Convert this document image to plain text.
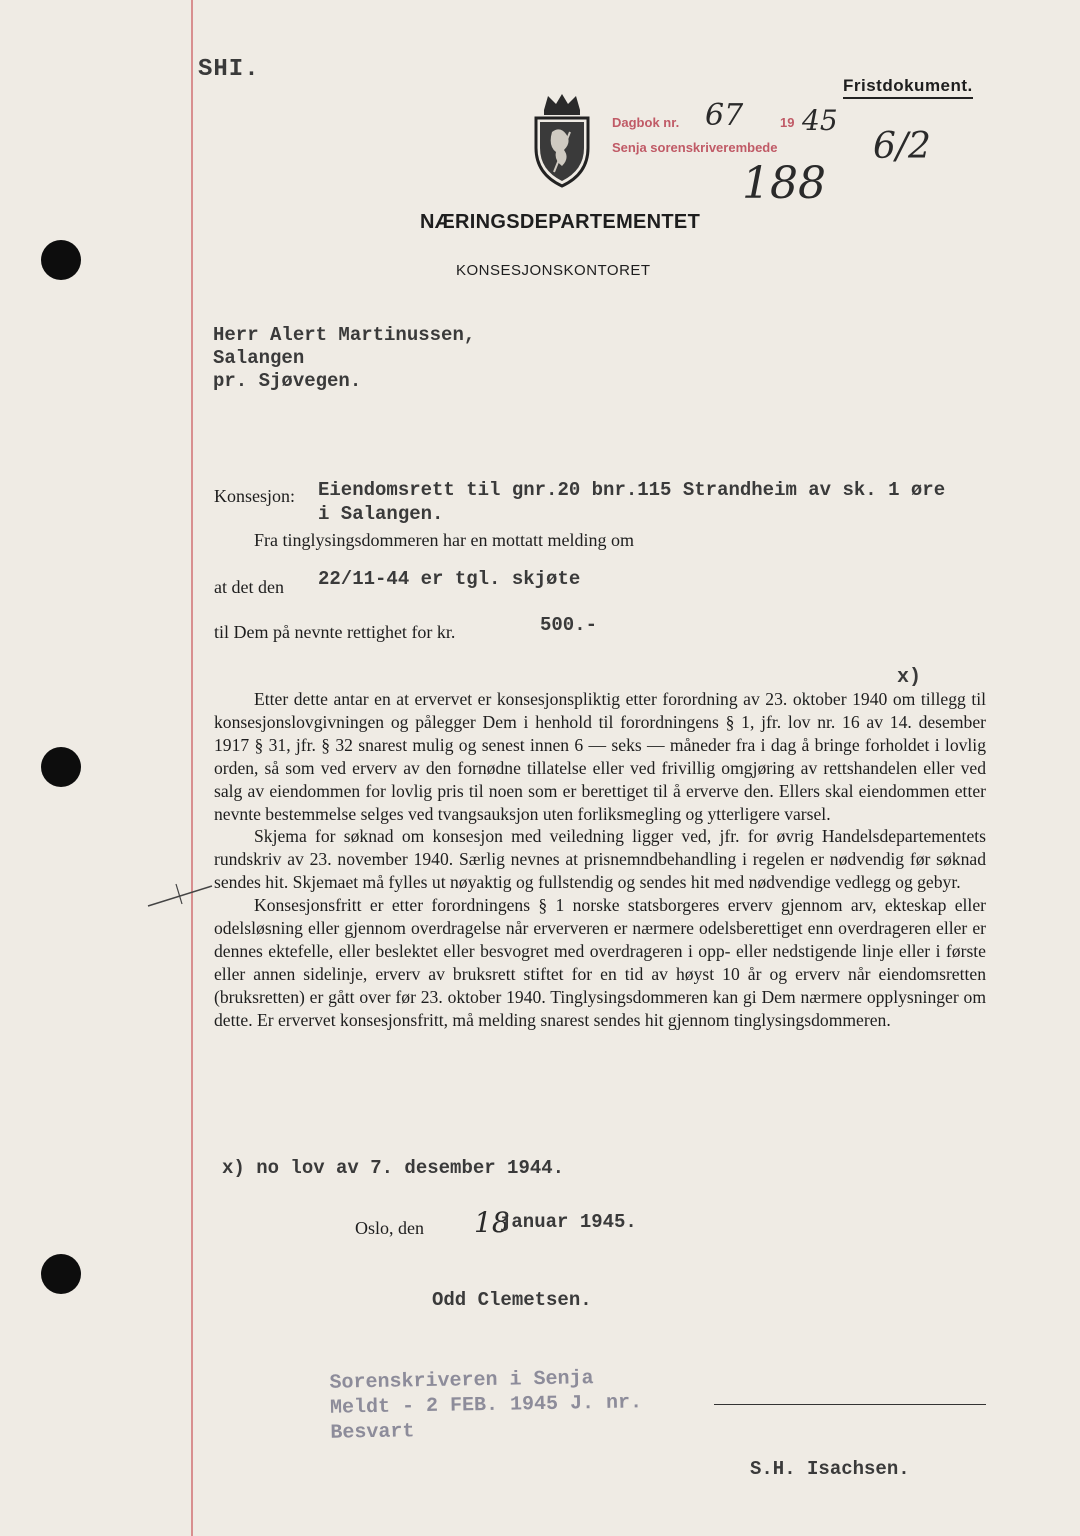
SHI.
Fristdokument.
Dagbok nr. 67	19 45
Senja sorenskriverembede	6/2
188
NÆRINGSDEPARTEMENTET
KONSESJONSKONTORET
Herr Alert Martinussen,
Salangen
pr. Sjøvegen.
Konsesjon: Eiendomsrett til gnr.20 bnr.115 Strandheim av sk. 1 øre
i Salangen.
Fra tinglysingsdommeren har en mottatt melding om
at det den 22/11-44 er tgl. skjøte
til Dem på nevnte rettighet for kr.	500.-
x)

Etter dette antar en at ervervet er konsesjonspliktig etter forordning av 23. oktober 1940 om tillegg til konsesjonslovgivningen og pålegger Dem i henhold til forordningens § 1, jfr. lov nr. 16 av 14. desember 1917 § 31, jfr. § 32 snarest mulig og senest innen 6 — seks — måneder fra i dag å bringe forholdet i lovlig orden, så som ved erverv av den fornødne tillatelse eller ved frivillig omgjøring av rettshandelen eller ved salg av eiendommen for lovlig pris til noen som er berettiget til å erverve den. Ellers skal eiendommen etter nevnte bestemmelse selges ved tvangsauksjon uten forliksmegling og ytterligere varsel.

Skjema for søknad om konsesjon med veiledning ligger ved, jfr. for øvrig Handelsdepartementets rundskriv av 23. november 1940. Særlig nevnes at prisnemndbehandling i regelen er nødvendig før søknad sendes hit. Skjemaet må fylles ut nøyaktig og fullstendig og sendes hit med nødvendige vedlegg og gebyr.

Konsesjonsfritt er etter forordningens § 1 norske statsborgeres erverv gjennom arv, ekteskap eller odelsløsning eller gjennom overdragelse når erververen er nærmere odelsberettiget enn overdrageren eller er dennes ektefelle, eller beslektet eller besvogret med overdrageren i opp- eller nedstigende linje eller i første eller annen sidelinje, erverv av bruksrett stiftet for en tid av høyst 10 år og erverv når eiendomsretten (bruksretten) er gått over før 23. oktober 1940. Tinglysingsdommeren kan gi Dem nærmere opplysninger om dette. Er ervervet konsesjonsfritt, må melding snarest sendes hit gjennom tinglysingsdommeren.

x) no lov av 7. desember 1944.
Oslo, den 18
januar 1945.
Odd Clemetsen.
Sorenskriveren i Senja
Meldt - 2 FEB. 1945 J. nr.
Besvart
S.H. Isachsen.
